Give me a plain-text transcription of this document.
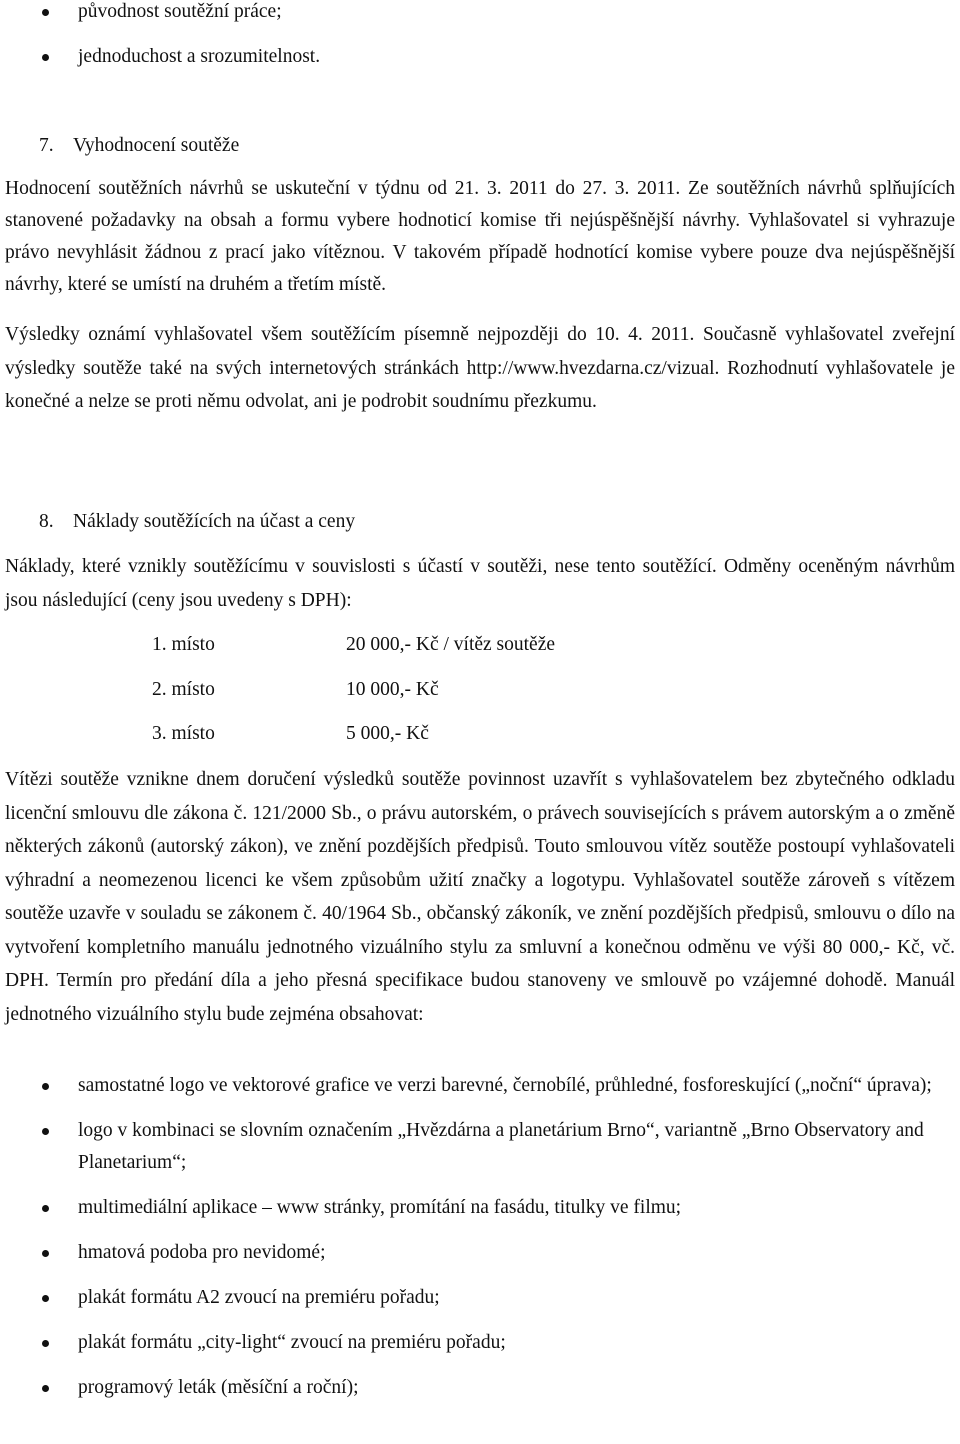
původnost soutěžní práce;
jednoduchost a srozumitelnost.
7. Vyhodnocení soutěže

Hodnocení soutěžních návrhů se uskuteční v týdnu od 21. 3. 2011 do 27. 3. 2011. Ze soutěžních návrhů splňujících stanovené požadavky na obsah a formu vybere hodnoticí komise tři nejúspěšnější návrhy. Vyhlašovatel si vyhrazuje právo nevyhlásit žádnou z prací jako vítěznou. V takovém případě hodnotící komise vybere pouze dva nejúspěšnější návrhy, které se umístí na druhém a třetím místě.

Výsledky oznámí vyhlašovatel všem soutěžícím písemně nejpozději do 10. 4. 2011. Současně vyhlašovatel zveřejní výsledky soutěže také na svých internetových stránkách http://www.hvezdarna.cz/vizual. Rozhodnutí vyhlašovatele je konečné a nelze se proti němu odvolat, ani je podrobit soudnímu přezkumu.

8. Náklady soutěžících na účast a ceny

Náklady, které vznikly soutěžícímu v souvislosti s účastí v soutěži, nese tento soutěžící. Odměny oceněným návrhům jsou následující (ceny jsou uvedeny s DPH):

1. místo	20 000,- Kč / vítěz soutěže
2. místo	10 000,- Kč
3. místo	5 000,- Kč

Vítězi soutěže vznikne dnem doručení výsledků soutěže povinnost uzavřít s vyhlašovatelem bez zbytečného odkladu licenční smlouvu dle zákona č. 121/2000 Sb., o právu autorském, o právech souvisejících s právem autorským a o změně některých zákonů (autorský zákon), ve znění pozdějších předpisů. Touto smlouvou vítěz soutěže postoupí vyhlašovateli výhradní a neomezenou licenci ke všem způsobům užití značky a logotypu. Vyhlašovatel soutěže zároveň s vítězem soutěže uzavře v souladu se zákonem č. 40/1964 Sb., občanský zákoník, ve znění pozdějších předpisů, smlouvu o dílo na vytvoření kompletního manuálu jednotného vizuálního stylu za smluvní a konečnou odměnu ve výši 80 000,- Kč, vč. DPH. Termín pro předání díla a jeho přesná specifikace budou stanoveny ve smlouvě po vzájemné dohodě. Manuál jednotného vizuálního stylu bude zejména obsahovat:

samostatné logo ve vektorové grafice ve verzi barevné, černobílé, průhledné, fosforeskující („noční“ úprava);
logo v kombinaci se slovním označením „Hvězdárna a planetárium Brno“, variantně „Brno Observatory and Planetarium“;
multimediální aplikace – www stránky, promítání na fasádu, titulky ve filmu;
hmatová podoba pro nevidomé;
plakát formátu A2 zvoucí na premiéru pořadu;
plakát formátu „city-light“ zvoucí na premiéru pořadu;
programový leták (měsíční a roční);
